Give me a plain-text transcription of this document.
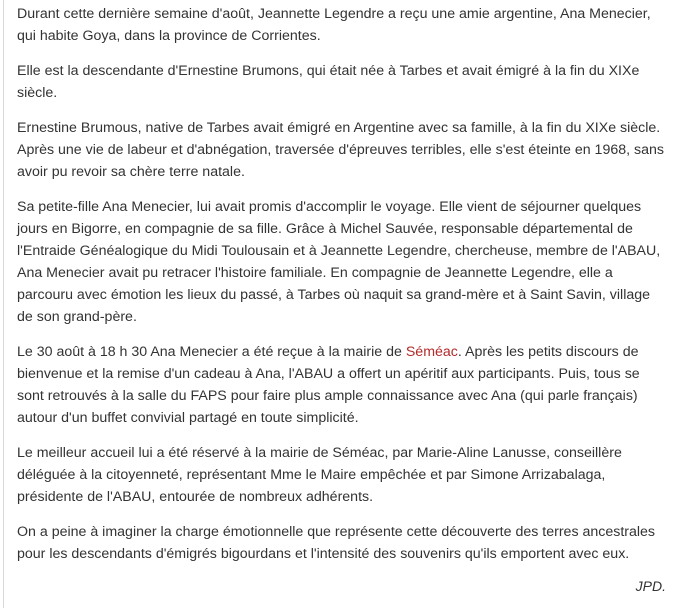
Durant cette dernière semaine d'août, Jeannette Legendre a reçu une amie argentine, Ana Menecier, qui habite Goya, dans la province de Corrientes.

Elle est la descendante d'Ernestine Brumons, qui était née à Tarbes et avait émigré à la fin du XIXe siècle.

Ernestine Brumous, native de Tarbes avait émigré en Argentine avec sa famille, à la fin du XIXe siècle. Après une vie de labeur et d'abnégation, traversée d'épreuves terribles, elle s'est éteinte en 1968, sans avoir pu revoir sa chère terre natale.

Sa petite-fille Ana Menecier, lui avait promis d'accomplir le voyage. Elle vient de séjourner quelques jours en Bigorre, en compagnie de sa fille. Grâce à Michel Sauvée, responsable départemental de l'Entraide Généalogique du Midi Toulousain et à Jeannette Legendre, chercheuse, membre de l'ABAU, Ana Menecier avait pu retracer l'histoire familiale. En compagnie de Jeannette Legendre, elle a parcouru avec émotion les lieux du passé, à Tarbes où naquit sa grand-mère et à Saint Savin, village de son grand-père.

Le 30 août à 18 h 30 Ana Menecier a été reçue à la mairie de Séméac. Après les petits discours de bienvenue et la remise d'un cadeau à Ana, l'ABAU a offert un apéritif aux participants. Puis, tous se sont retrouvés à la salle du FAPS pour faire plus ample connaissance avec Ana (qui parle français) autour d'un buffet convivial partagé en toute simplicité.

Le meilleur accueil lui a été réservé à la mairie de Séméac, par Marie-Aline Lanusse, conseillère déléguée à la citoyenneté, représentant Mme le Maire empêchée et par Simone Arrizabalaga, présidente de l'ABAU, entourée de nombreux adhérents.

On a peine à imaginer la charge émotionnelle que représente cette découverte des terres ancestrales pour les descendants d'émigrés bigourdans et l'intensité des souvenirs qu'ils emportent avec eux.

JPD.
